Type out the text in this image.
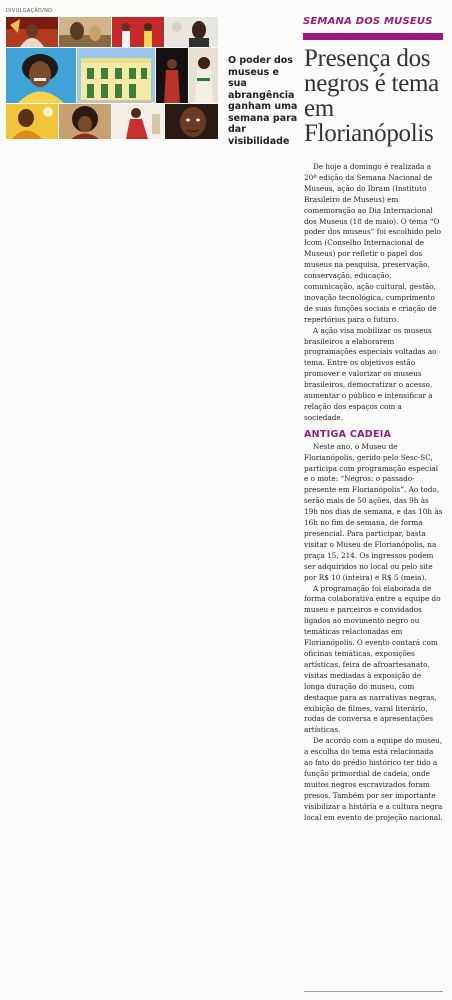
DIVULGAÇÃO/ND
O poder dos museus e sua abrangência ganham uma semana para dar visibilidade
SEMANA DOS MUSEUS
Presença dos negros é tema em Florianópolis

De hoje a domingo é realizada a 20ª edição da Semana Nacional de Museus, ação do Ibram (Instituto Brasileiro de Museus) em comemoração ao Dia Internacional dos Museus (18 de maio). O tema “O poder dos museus” foi escolhido pelo Icom (Conselho Internacional de Museus) por refletir o papel dos museus na pesquisa, preservação, conservação, educação, comunicação, ação cultural, gestão, inovação tecnológica, cumprimento de suas funções sociais e criação de repertórios para o futuro.

A ação visa mobilizar os museus brasileiros a elaborarem programações especiais voltadas ao tema. Entre os objetivos estão promover e valorizar os museus brasileiros, democratizar o acesso, aumentar o público e intensificar a relação dos espaços com a sociedade.

ANTIGA CADEIA

Neste ano, o Museu de Florianópolis, gerido pelo Sesc-SC, participa com programação especial e o mote: “Negros: o passado-presente em Florianópolis”. Ao todo, serão mais de 50 ações, das 9h às 19h nos dias de semana, e das 10h às 16h no fim de semana, de forma presencial. Para participar, basta visitar o Museu de Florianópolis, na praça 15, 214. Os ingressos podem ser adquiridos no local ou pelo site por R$ 10 (inteira) e R$ 5 (meia).

A programação foi elaborada de forma colaborativa entre a equipe do museu e parceiros e convidados ligados ao movimento negro ou temáticas relacionadas em Florianópolis. O evento contará com oficinas temáticas, exposições artísticas, feira de afroartesanato, visitas mediadas à exposição de longa duração do museu, com destaque para as narrativas negras, exibição de filmes, varal literário, rodas de conversa e apresentações artísticas.

De acordo com a equipe do museu, a escolha do tema está relacionada ao fato do prédio histórico ter tido a função primordial de cadeia, onde muitos negros escravizados foram presos. Também por ser importante visibilizar a história e a cultura negra local em evento de projeção nacional.
